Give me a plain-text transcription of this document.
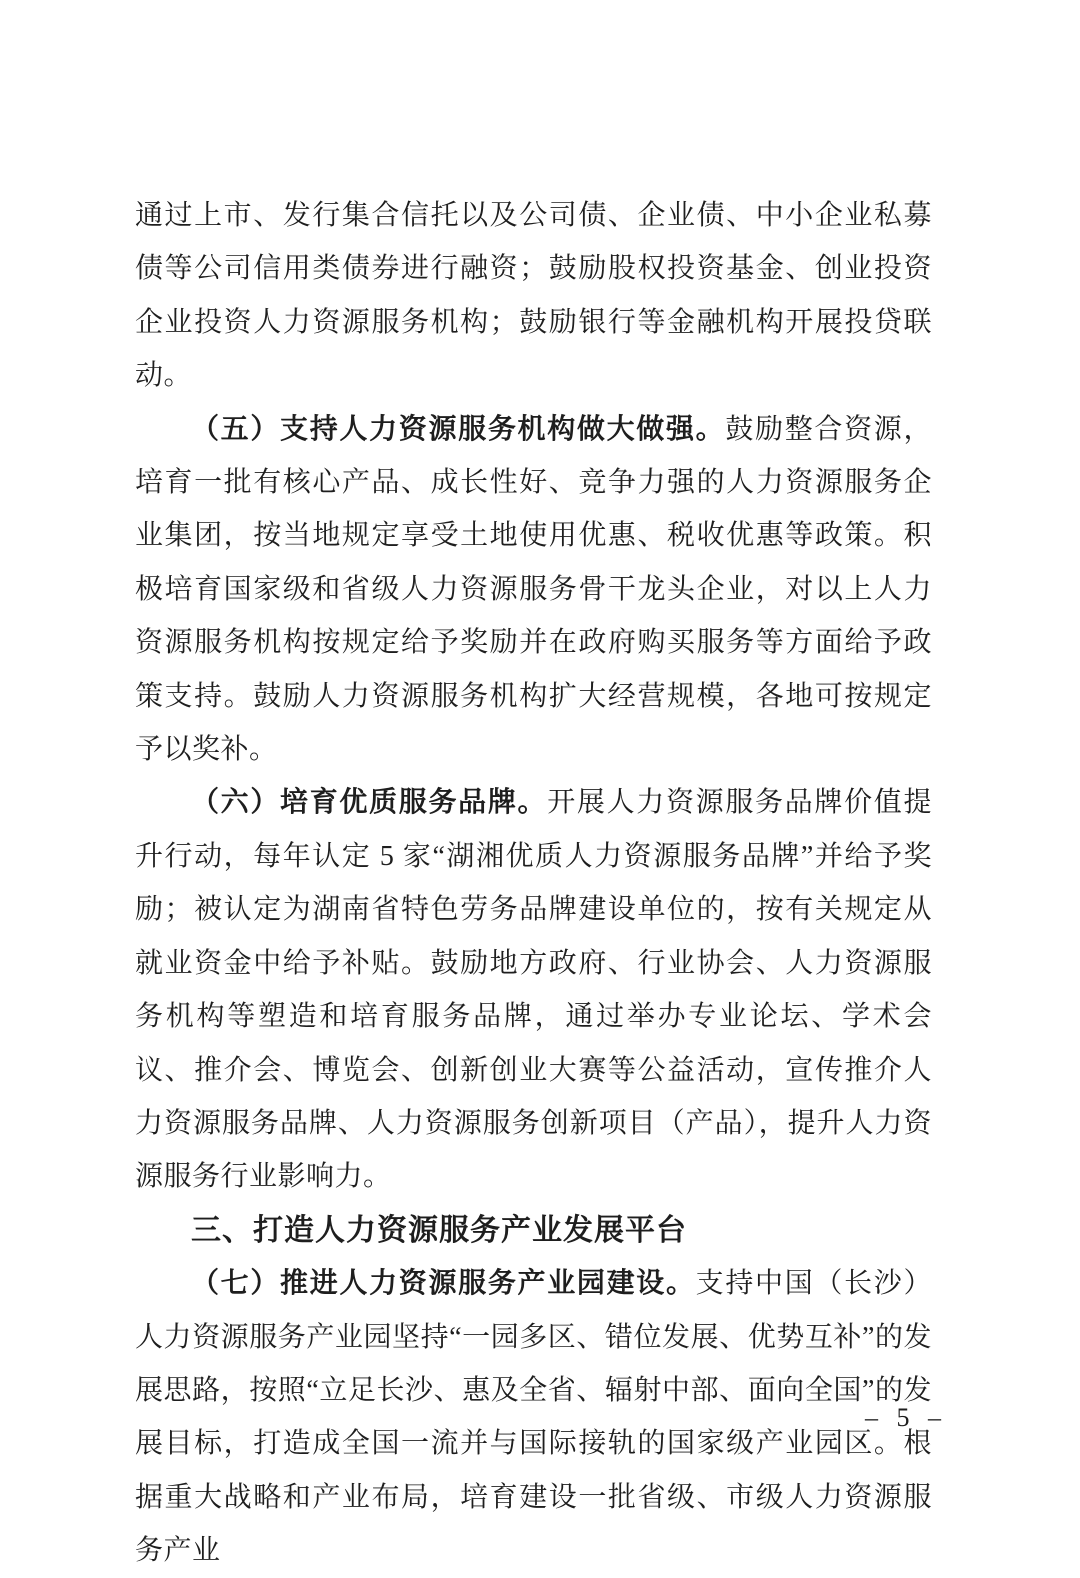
通过上市、发行集合信托以及公司债、企业债、中小企业私募债等公司信用类债券进行融资；鼓励股权投资基金、创业投资企业投资人力资源服务机构；鼓励银行等金融机构开展投贷联动。

（五）支持人力资源服务机构做大做强。鼓励整合资源，培育一批有核心产品、成长性好、竞争力强的人力资源服务企业集团，按当地规定享受土地使用优惠、税收优惠等政策。积极培育国家级和省级人力资源服务骨干龙头企业，对以上人力资源服务机构按规定给予奖励并在政府购买服务等方面给予政策支持。鼓励人力资源服务机构扩大经营规模，各地可按规定予以奖补。

（六）培育优质服务品牌。开展人力资源服务品牌价值提升行动，每年认定 5 家“湖湘优质人力资源服务品牌”并给予奖励；被认定为湖南省特色劳务品牌建设单位的，按有关规定从就业资金中给予补贴。鼓励地方政府、行业协会、人力资源服务机构等塑造和培育服务品牌，通过举办专业论坛、学术会议、推介会、博览会、创新创业大赛等公益活动，宣传推介人力资源服务品牌、人力资源服务创新项目（产品），提升人力资源服务行业影响力。

三、打造人力资源服务产业发展平台

（七）推进人力资源服务产业园建设。支持中国（长沙）人力资源服务产业园坚持“一园多区、错位发展、优势互补”的发展思路，按照“立足长沙、惠及全省、辐射中部、面向全国”的发展目标，打造成全国一流并与国际接轨的国家级产业园区。根据重大战略和产业布局，培育建设一批省级、市级人力资源服务产业

– 5 –
